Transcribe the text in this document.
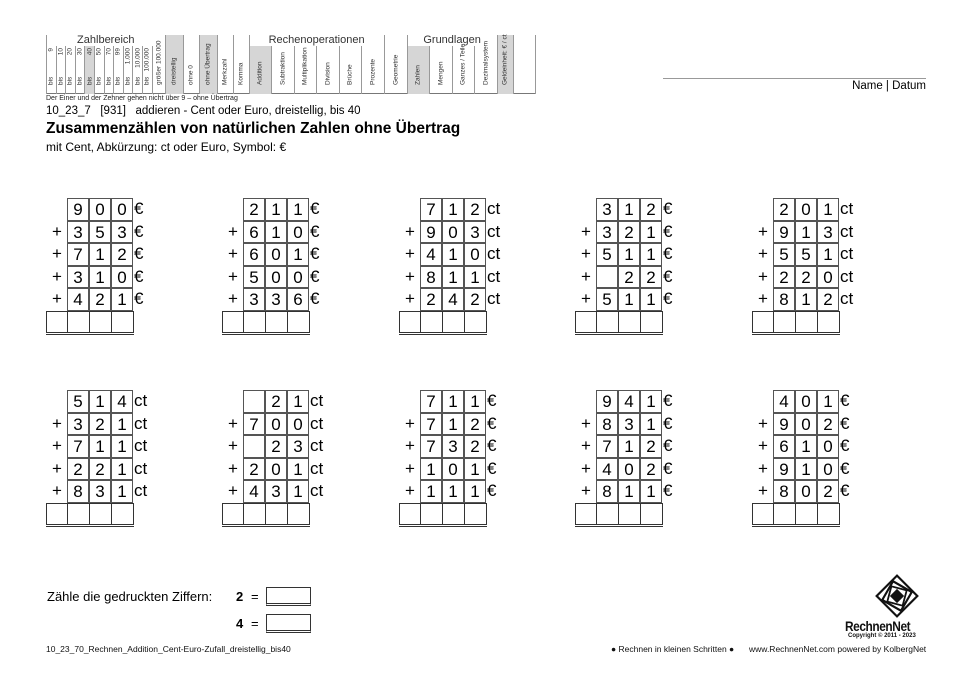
9
bis
10
bis
20
bis
30
bis
40
bis
50
bis
70
bis
99
bis
1.000
bis
10.000
bis
100.000
bis größer 100.000
Zahlbereich
dreistellig ohne 0 ohne Übertrag Merkzahl Komma Addition Subtraktion Multiplikation Division Brüche Prozente
Rechenoperationen
Geometrie Zahlen Mengen Ganzes / Teile Dezimalsystem
Grundlagen	Geldeinheit: € / ct
Der Einer und der Zehner gehen nicht über 9 – ohne Übertrag
10_23_7   [931]   addieren - Cent oder Euro, dreistellig, bis 40
Zusammenzählen von natürlichen Zahlen ohne Übertrag
mit Cent, Abkürzung: ct oder Euro, Symbol: €
Name | Datum
9 0 0 €
+ 3 5 3 €
+ 7 1 2 €
+ 3 1 0 €
+ 4 2 1 €
2 1 1 €
+ 6 1 0 €
+ 6 0 1 €
+ 5 0 0 €
+ 3 3 6 €
7 1 2 ct
+ 9 0 3 ct
+ 4 1 0 ct
+ 8 1 1 ct
+ 2 4 2 ct
3 1 2 €
+ 3 2 1 €
+ 5 1 1 €
+	2 2 €
+ 5 1 1 €
2 0 1 ct
+ 9 1 3 ct
+ 5 5 1 ct
+ 2 2 0 ct
+ 8 1 2 ct
5 1 4 ct
+ 3 2 1 ct
+ 7 1 1 ct
+ 2 2 1 ct
+ 8 3 1 ct
2 1 ct
+ 7 0 0 ct
+	2 3 ct
+ 2 0 1 ct
+ 4 3 1 ct
7 1 1 €
+ 7 1 2 €
+ 7 3 2 €
+ 1 0 1 €
+ 1 1 1 €
9 4 1 €
+ 8 3 1 €
+ 7 1 2 €
+ 4 0 2 €
+ 8 1 1 €
4 0 1 €
+ 9 0 2 €
+ 6 1 0 €
+ 9 1 0 €
+ 8 0 2 €
Zähle die gedruckten Ziffern: 2 =
4 =
10_23_70_Rechnen_Addition_Cent-Euro-Zufall_dreistellig_bis40	● Rechnen in kleinen Schritten ● www.RechnenNet.com powered by KolbergNet
RechnenNet
Copyright © 2011 - 2023
